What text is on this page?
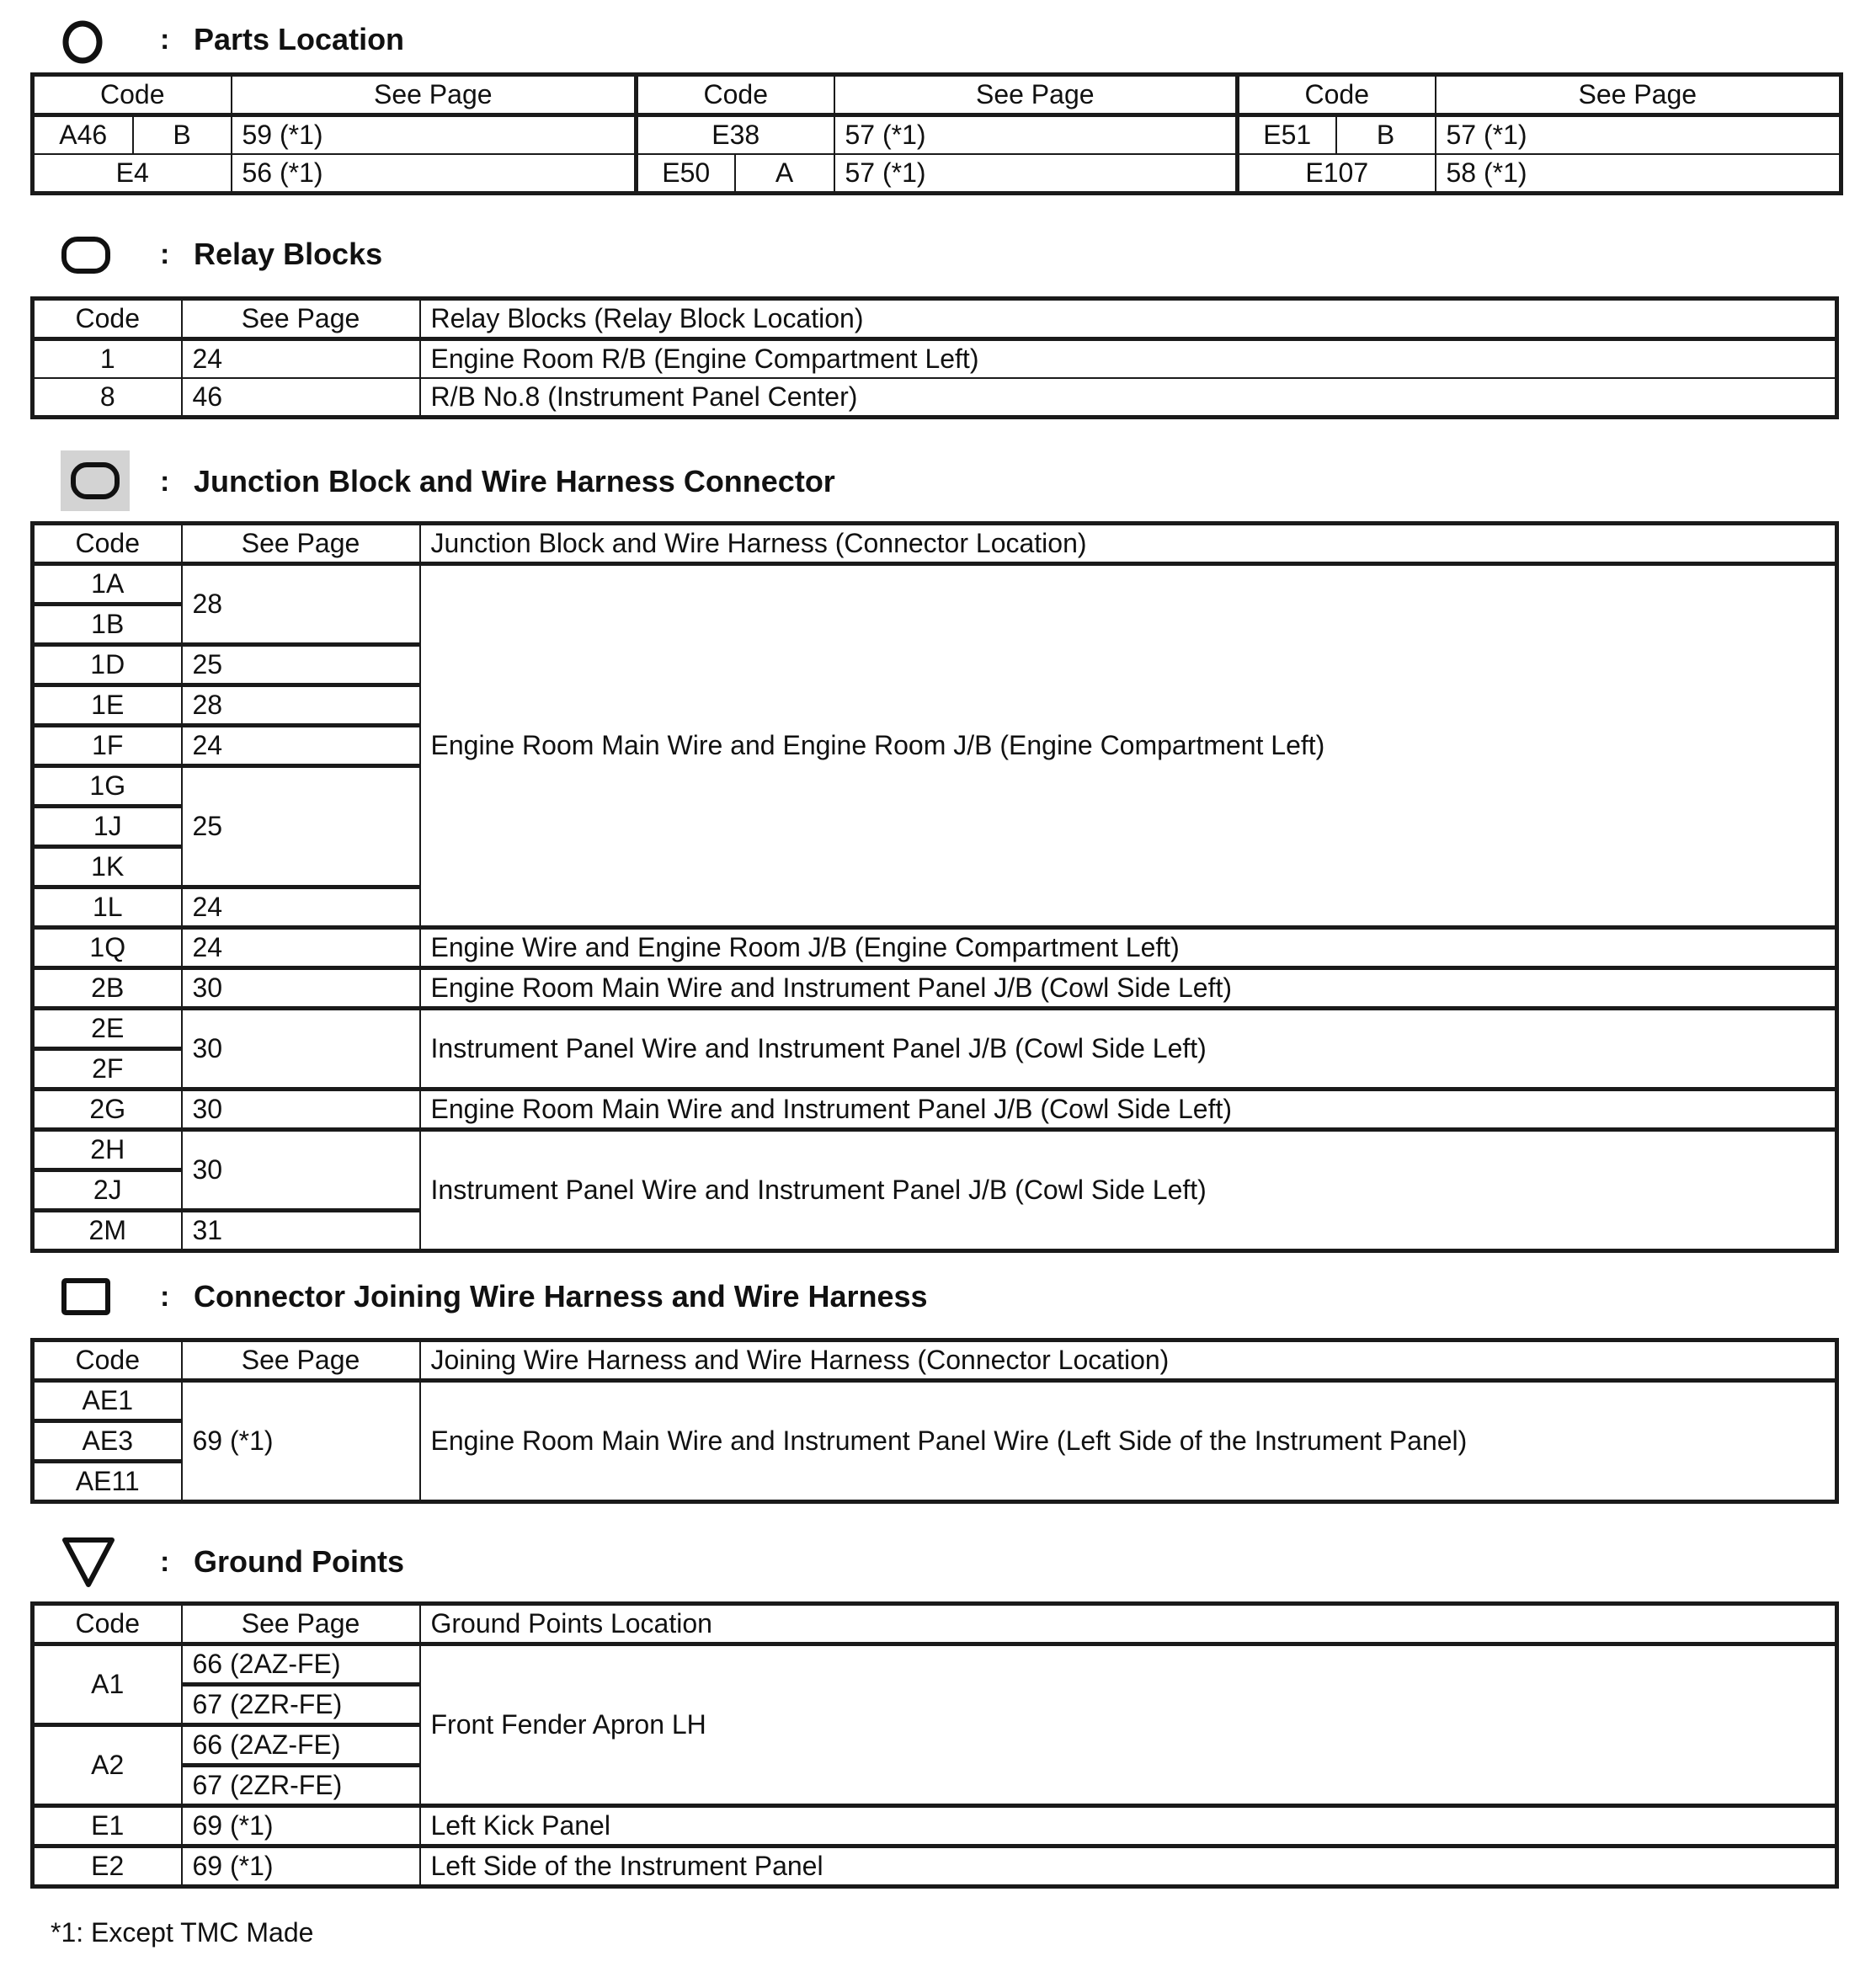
: Parts Location
Code		See Page	Code		See Page	Code		See Page
A46	B	59 (*1)	E38		57 (*1)	E51	B	57 (*1)
E4		56 (*1)	E50	A	57 (*1)	E107		58 (*1)
: Relay Blocks
Code	See Page	Relay Blocks (Relay Block Location)
1	24	Engine Room R/B (Engine Compartment Left)
8	46	R/B No.8 (Instrument Panel Center)
: Junction Block and Wire Harness Connector
Code	See Page	Junction Block and Wire Harness (Connector Location)
1A	28	Engine Room Main Wire and Engine Room J/B (Engine Compartment Left)
1B		
1D	25	
1E	28	
1F	24	
1G	25	
1J		
1K		
1L	24	
1Q	24	Engine Wire and Engine Room J/B (Engine Compartment Left)
2B	30	Engine Room Main Wire and Instrument Panel J/B (Cowl Side Left)
2E	30	Instrument Panel Wire and Instrument Panel J/B (Cowl Side Left)
2F		
2G	30	Engine Room Main Wire and Instrument Panel J/B (Cowl Side Left)
2H	30	Instrument Panel Wire and Instrument Panel J/B (Cowl Side Left)
2J		
2M	31	
: Connector Joining Wire Harness and Wire Harness
Code	See Page	Joining Wire Harness and Wire Harness (Connector Location)
AE1	69 (*1)	Engine Room Main Wire and Instrument Panel Wire (Left Side of the Instrument Panel)
AE3		
AE11		
: Ground Points
Code	See Page	Ground Points Location
A1	66 (2AZ-FE)	Front Fender Apron LH
	67 (2ZR-FE)	
A2	66 (2AZ-FE)	
	67 (2ZR-FE)	
E1	69 (*1)	Left Kick Panel
E2	69 (*1)	Left Side of the Instrument Panel
*1: Except TMC Made
